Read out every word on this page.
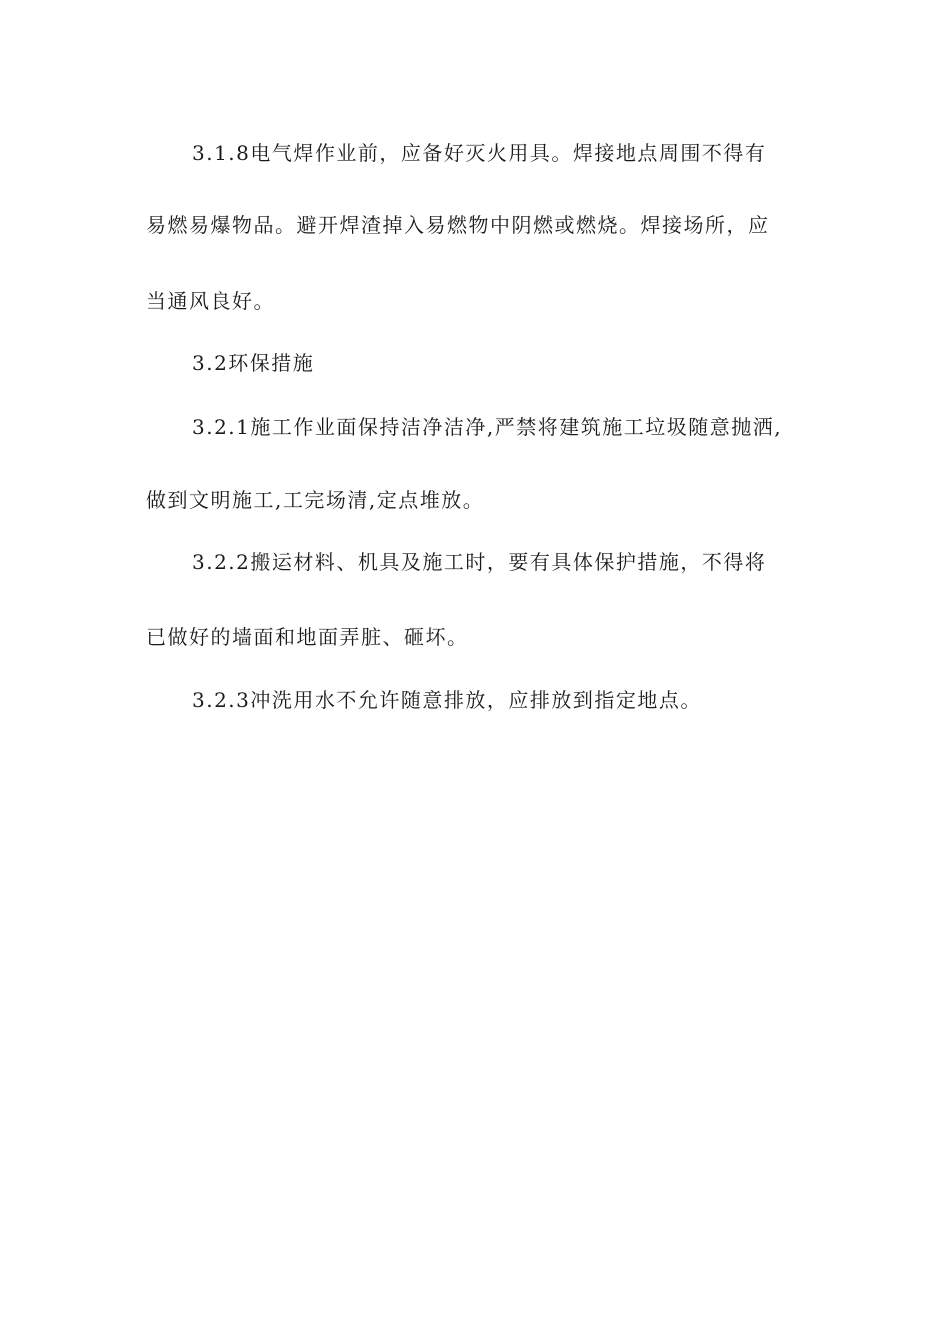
3.1.8电气焊作业前，应备好灭火用具。焊接地点周围不得有
易燃易爆物品。避开焊渣掉入易燃物中阴燃或燃烧。焊接场所，应
当通风良好。
3.2环保措施
3.2.1施工作业面保持洁净洁净,严禁将建筑施工垃圾随意抛洒,
做到文明施工,工完场清,定点堆放。
3.2.2搬运材料、机具及施工时，要有具体保护措施，不得将
已做好的墙面和地面弄脏、砸坏。
3.2.3冲洗用水不允许随意排放，应排放到指定地点。
